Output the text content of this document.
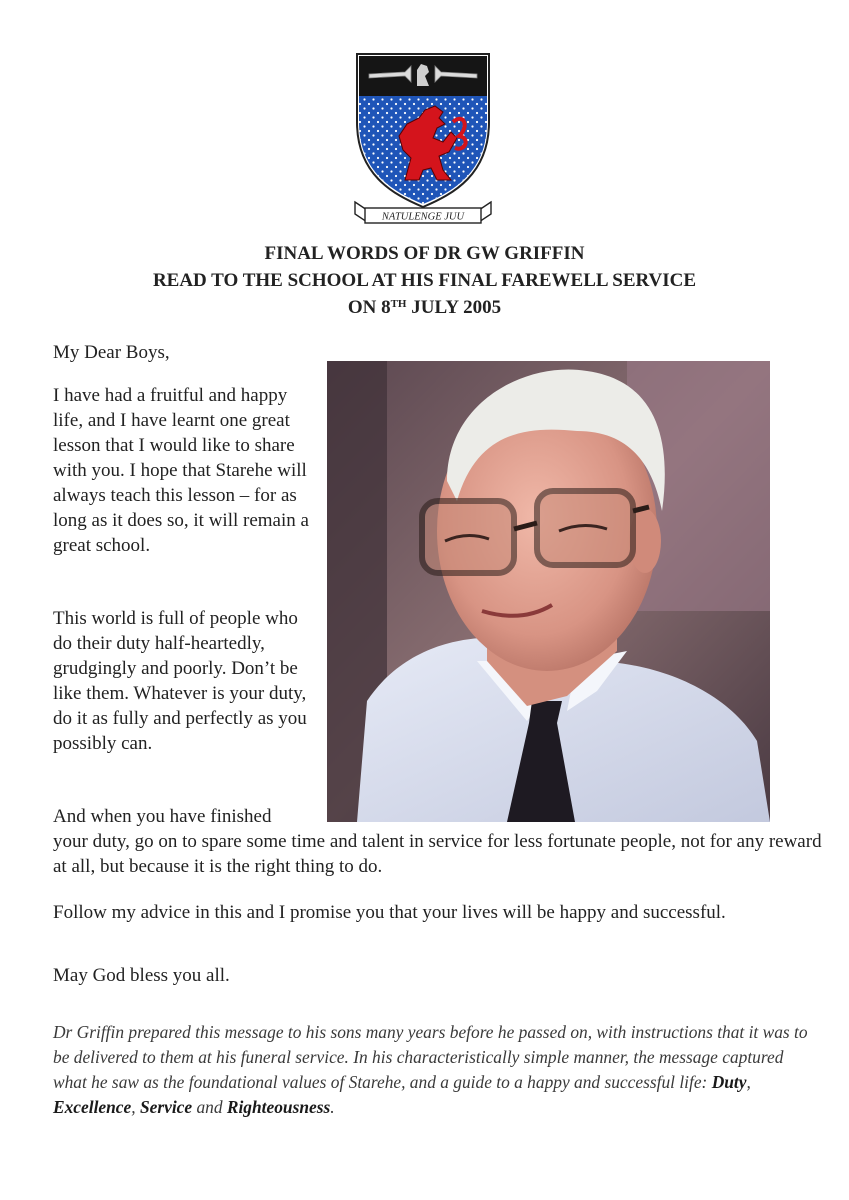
NATULENGE JUU
FINAL WORDS OF DR GW GRIFFIN
READ TO THE SCHOOL AT HIS FINAL FAREWELL SERVICE
ON 8TH JULY 2005
My Dear Boys,
I have had a fruitful and happy life, and I have learnt one great lesson that I would like to share with you. I hope that Starehe will always teach this lesson – for as long as it does so, it will remain a great school.
This world is full of people who do their duty half-heartedly, grudgingly and poorly. Don’t be like them. Whatever is your duty, do it as fully and perfectly as you possibly can.
And when you have finished
your duty, go on to spare some time and talent in service for less fortunate people, not for any reward at all, but because it is the right thing to do.
Follow my advice in this and I promise you that your lives will be happy and successful.
May God bless you all.
Dr Griffin prepared this message to his sons many years before he passed on, with instructions that it was to be delivered to them at his funeral service. In his characteristically simple manner, the message captured what he saw as the foundational values of Starehe, and a guide to a happy and successful life: Duty, Excellence, Service and Righteousness.
